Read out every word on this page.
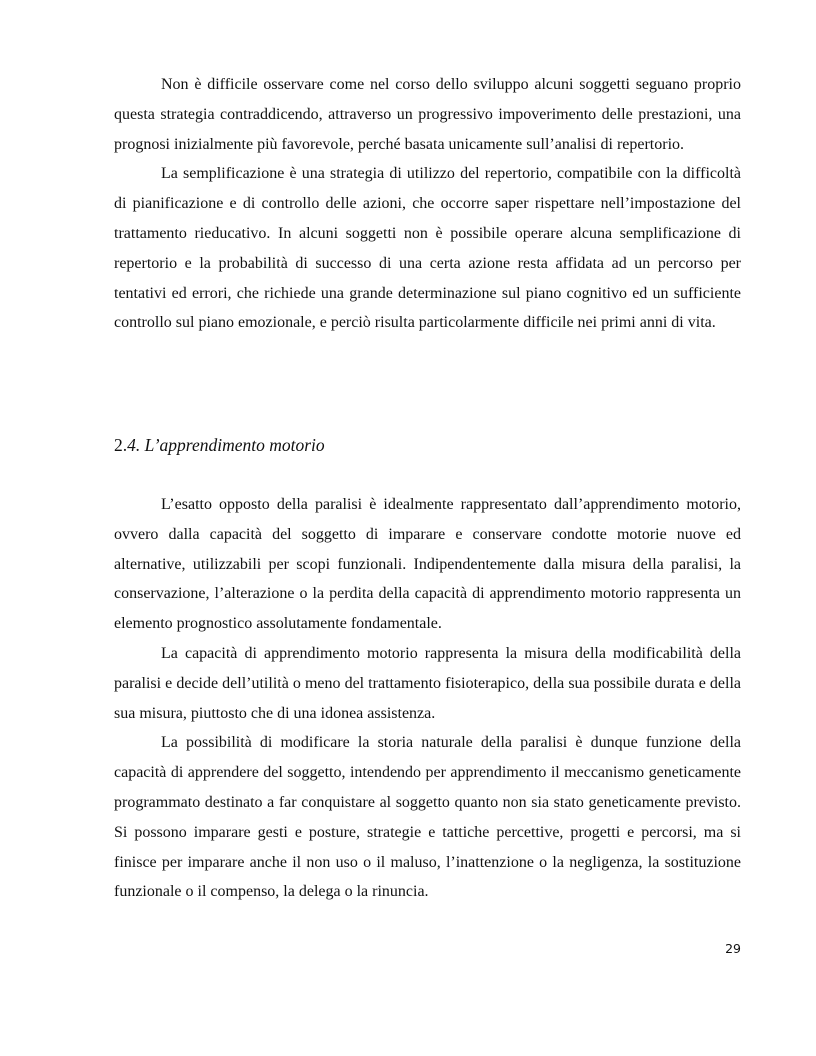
Non è difficile osservare come nel corso dello sviluppo alcuni soggetti seguano proprio questa strategia contraddicendo, attraverso un progressivo impoverimento delle prestazioni, una prognosi inizialmente più favorevole, perché basata unicamente sull’analisi di repertorio.

La semplificazione è una strategia di utilizzo del repertorio, compatibile con la difficoltà di pianificazione e di controllo delle azioni, che occorre saper rispettare nell’impostazione del trattamento rieducativo. In alcuni soggetti non è possibile operare alcuna semplificazione di repertorio e la probabilità di successo di una certa azione resta affidata ad un percorso per tentativi ed errori, che richiede una grande determinazione sul piano cognitivo ed un sufficiente controllo sul piano emozionale, e perciò risulta particolarmente difficile nei primi anni di vita.

2.4. L’apprendimento motorio

L’esatto opposto della paralisi è idealmente rappresentato dall’apprendimento motorio, ovvero dalla capacità del soggetto di imparare e conservare condotte motorie nuove ed alternative, utilizzabili per scopi funzionali. Indipendentemente dalla misura della paralisi, la conservazione, l’alterazione o la perdita della capacità di apprendimento motorio rappresenta un elemento prognostico assolutamente fondamentale.

La capacità di apprendimento motorio rappresenta la misura della modificabilità della paralisi e decide dell’utilità o meno del trattamento fisioterapico, della sua possibile durata e della sua misura, piuttosto che di una idonea assistenza.

La possibilità di modificare la storia naturale della paralisi è dunque funzione della capacità di apprendere del soggetto, intendendo per apprendimento il meccanismo geneticamente programmato destinato a far conquistare al soggetto quanto non sia stato geneticamente previsto. Si possono imparare gesti e posture, strategie e tattiche percettive, progetti e percorsi, ma si finisce per imparare anche il non uso o il maluso, l’inattenzione o la negligenza, la sostituzione funzionale o il compenso, la delega o la rinuncia.

29
